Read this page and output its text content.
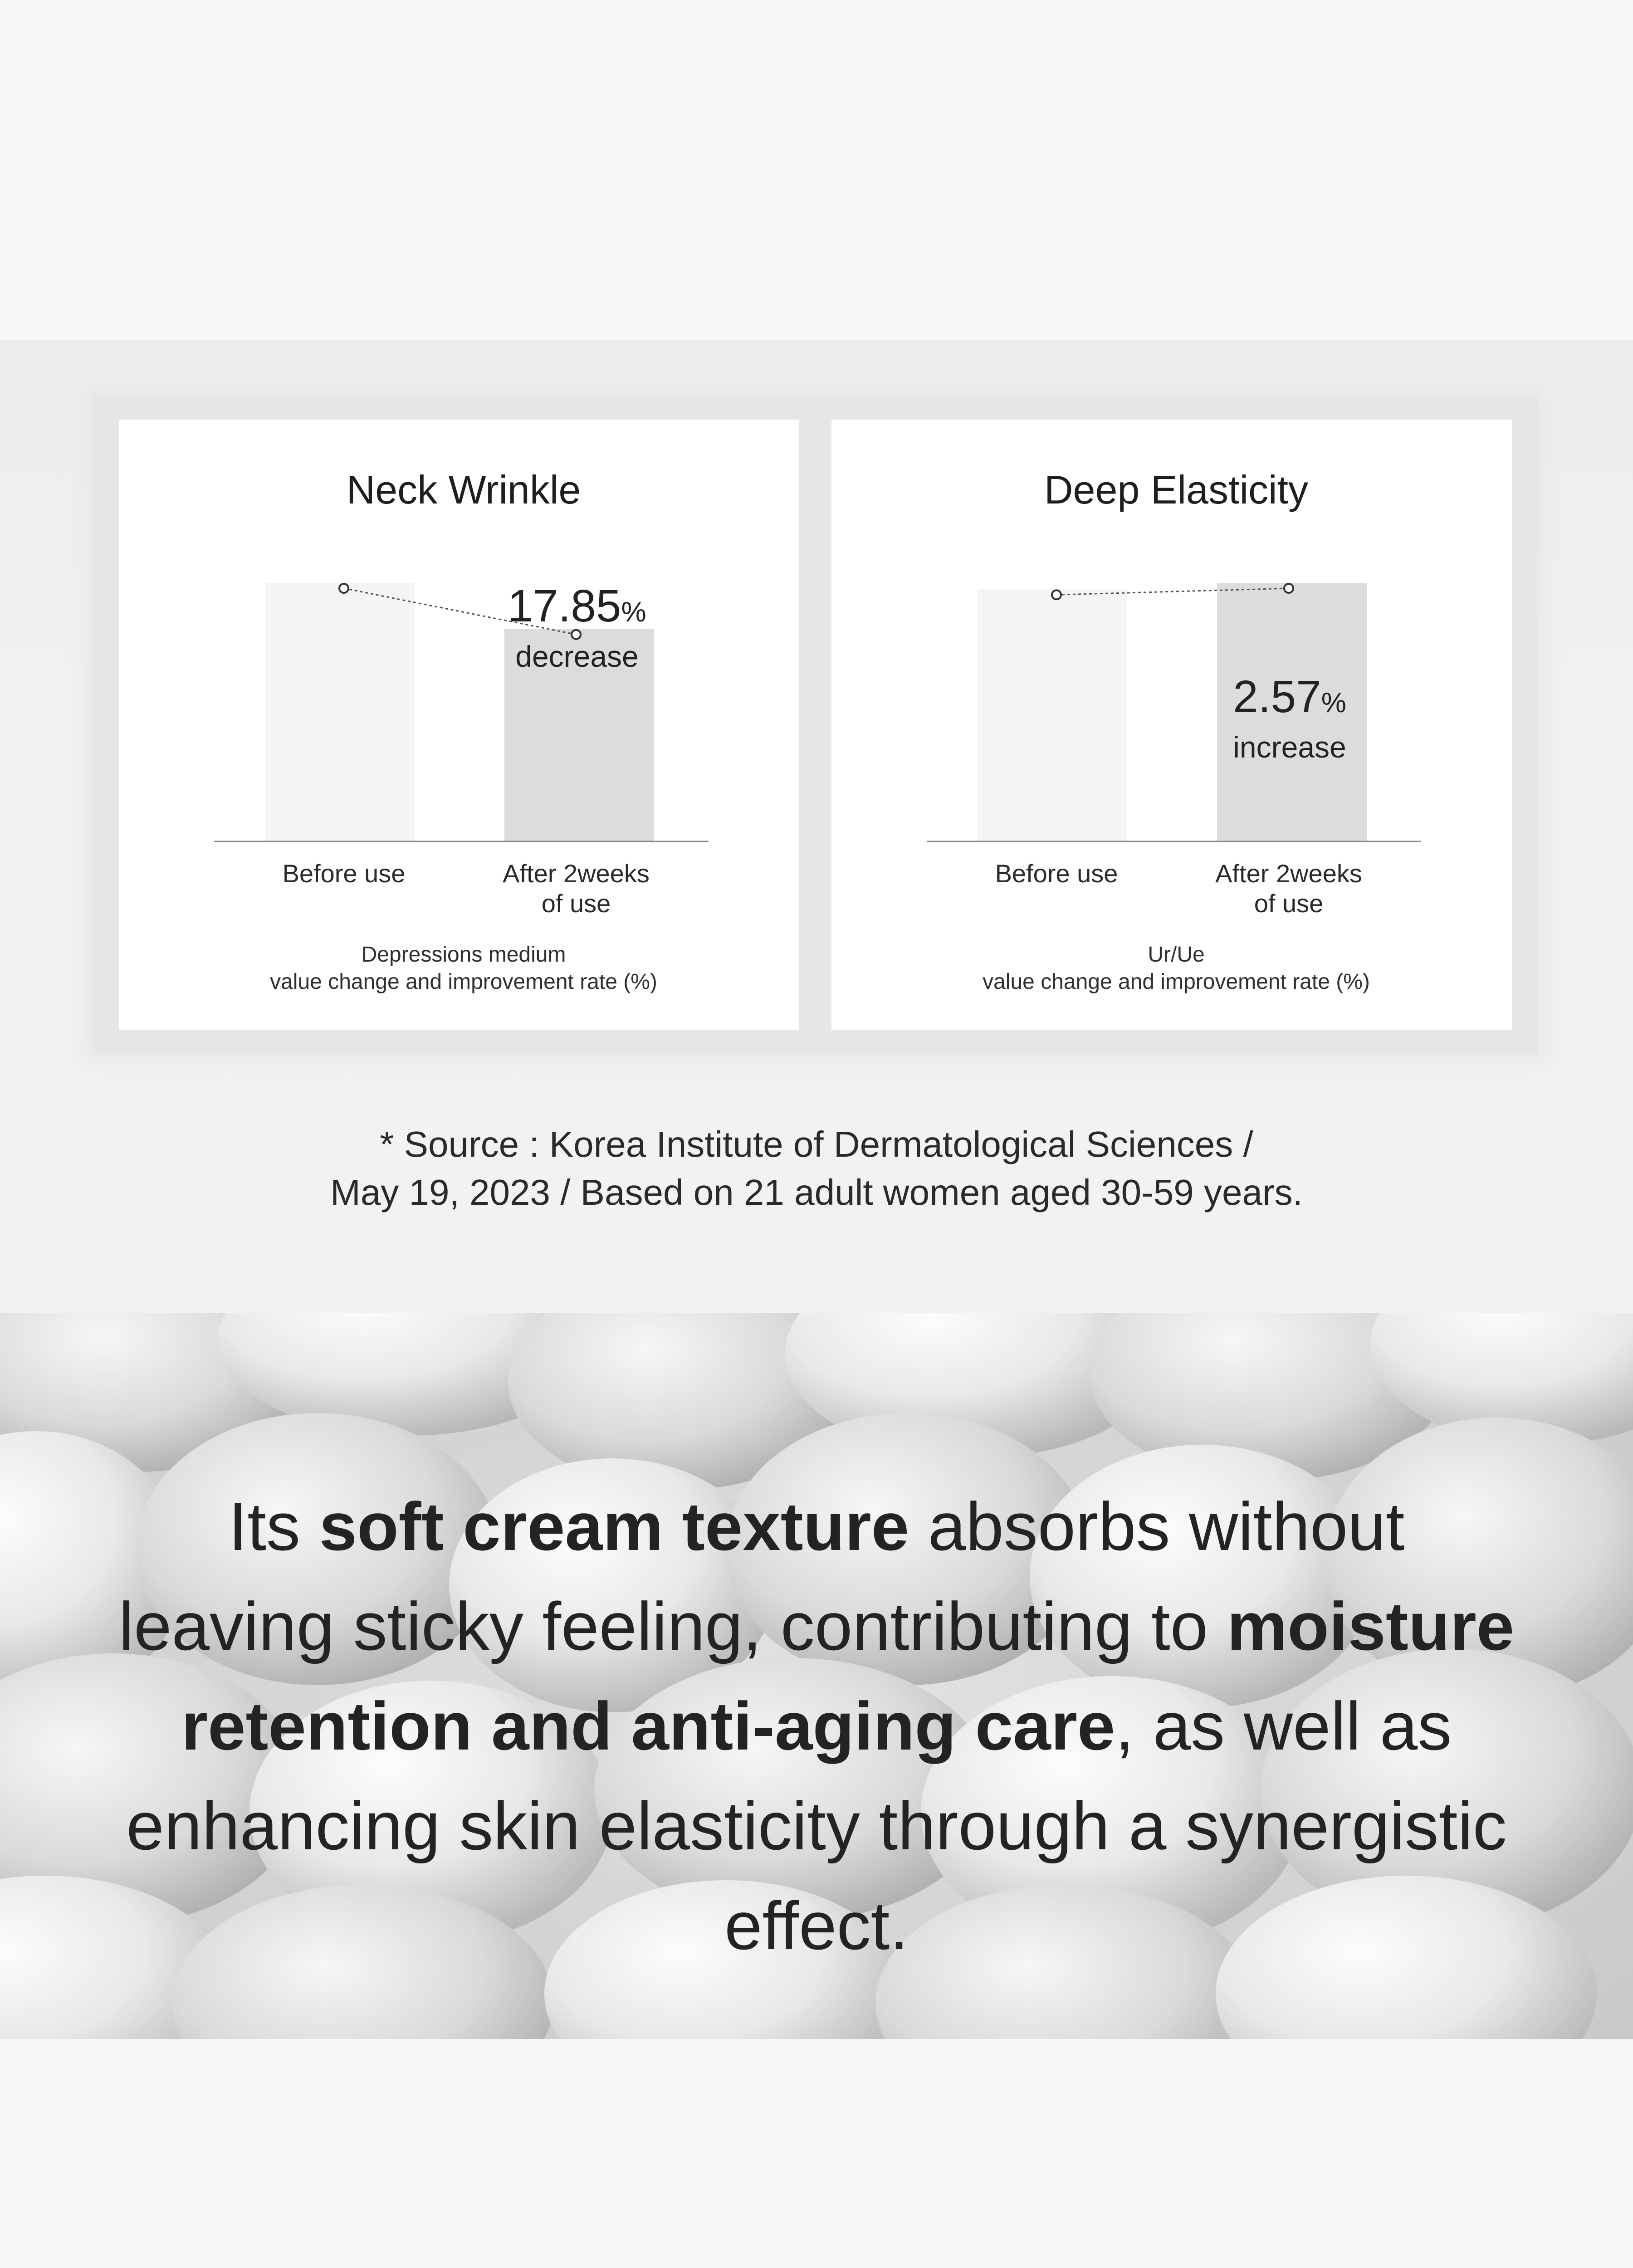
Neck Wrinkle
17.85%
decrease
Before use	After 2weeks of use
Depressions medium
value change and improvement rate (%)
Deep Elasticity
2.57%
increase
Before use	After 2weeks of use
Ur/Ue
value change and improvement rate (%)
* Source : Korea Institute of Dermatological Sciences /
May 19, 2023 / Based on 21 adult women aged 30-59 years.
Its soft cream texture absorbs without leaving sticky feeling, contributing to moisture retention and anti-aging care, as well as enhancing skin elasticity through a synergistic effect.
